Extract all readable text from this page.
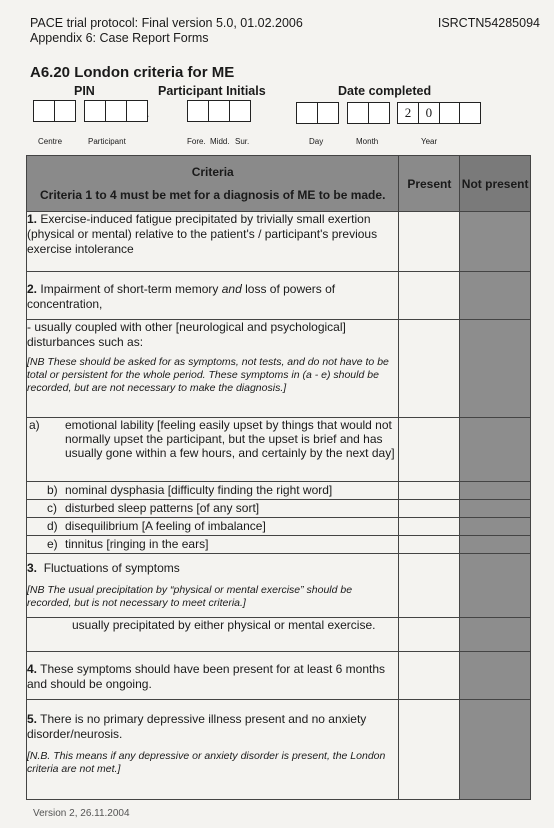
PACE trial protocol: Final version 5.0, 01.02.2006
Appendix 6: Case Report Forms
ISRCTN54285094
A6.20 London criteria for ME
PIN	Participant Initials	Date completed
.	2	0
Centre	Participant	Fore. Midd. Sur.	Day	Month	Year
Criteria
Criteria 1 to 4 must be met for a diagnosis of ME to be made.	Present	Not present
1. Exercise-induced fatigue precipitated by trivially small exertion (physical or mental) relative to the patient's / participant's previous exercise intolerance		
2. Impairment of short-term memory and loss of powers of concentration,		

- usually coupled with other [neurological and psychological] disturbances such as:
[NB These should be asked for as symptoms, not tests, and do not have to be total or persistent for the whole period. These symptoms in (a - e) should be recorded, but are not necessary to make the diagnosis.]		

a) emotional lability [feeling easily upset by things that would not normally upset the participant, but the upset is brief and has usually gone within a few hours, and certainly by the next day]		

b) nominal dysphasia [difficulty finding the right word]		
c) disturbed sleep patterns [of any sort]		
d) disequilibrium [A feeling of imbalance]		
e) tinnitus [ringing in the ears]		

3. Fluctuations of symptoms
[NB The usual precipitation by “physical or mental exercise” should be recorded, but is not necessary to meet criteria.]		

usually precipitated by either physical or mental exercise.		
4. These symptoms should have been present for at least 6 months and should be ongoing.		

5. There is no primary depressive illness present and no anxiety disorder/neurosis.
[N.B. This means if any depressive or anxiety disorder is present, the London criteria are not met.]		

Version 2, 26.11.2004
